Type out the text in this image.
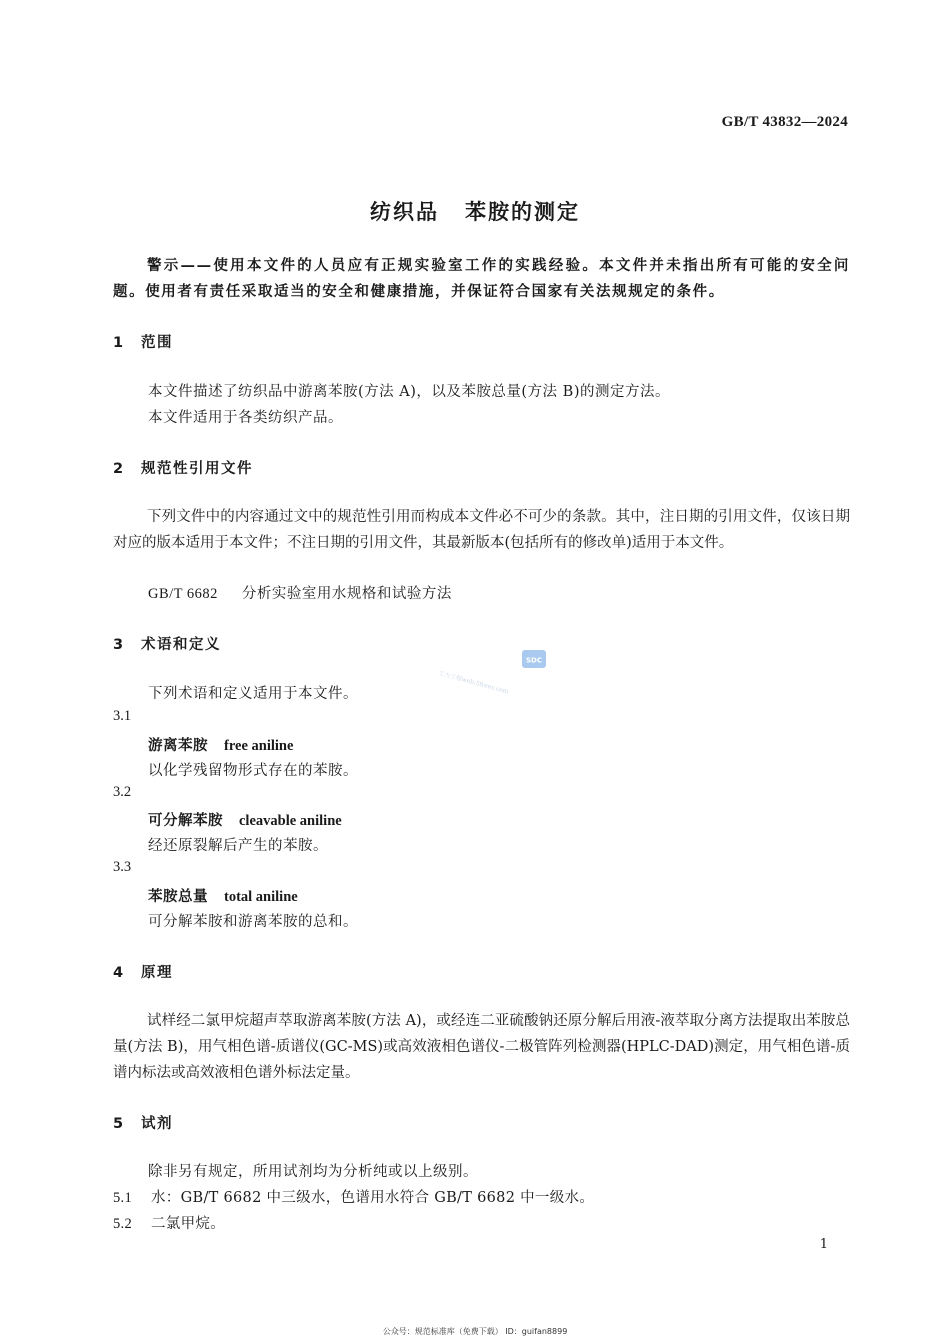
GB/T 43832—2024
纺织品 苯胺的测定
警示——使用本文件的人员应有正规实验室工作的实践经验。本文件并未指出所有可能的安全问题。使用者有责任采取适当的安全和健康措施，并保证符合国家有关法规规定的条件。
1 范围
本文件描述了纺织品中游离苯胺(方法 A)，以及苯胺总量(方法 B)的测定方法。
本文件适用于各类纺织产品。
2 规范性引用文件
下列文件中的内容通过文中的规范性引用而构成本文件必不可少的条款。其中，注日期的引用文件，仅该日期对应的版本适用于本文件；不注日期的引用文件，其最新版本(包括所有的修改单)适用于本文件。
GB/T 6682 分析实验室用水规格和试验方法
3 术语和定义
下列术语和定义适用于本文件。
3.1
游离苯胺 free aniline
以化学残留物形式存在的苯胺。
3.2
可分解苯胺 cleavable aniline
经还原裂解后产生的苯胺。
3.3
苯胺总量 total aniline
可分解苯胺和游离苯胺的总和。
4 原理
试样经二氯甲烷超声萃取游离苯胺(方法 A)，或经连二亚硫酸钠还原分解后用液-液萃取分离方法提取出苯胺总量(方法 B)，用气相色谱-质谱仪(GC-MS)或高效液相色谱仪-二极管阵列检测器(HPLC-DAD)测定，用气相色谱-质谱内标法或高效液相色谱外标法定量。
5 试剂
除非另有规定，所用试剂均为分析纯或以上级别。
5.1 水：GB/T 6682 中三级水，色谱用水符合 GB/T 6682 中一级水。
5.2 二氯甲烷。
工力工程web.5frees.com
SDC
1
公众号：规范标准库（免费下载） ID：guifan8899
